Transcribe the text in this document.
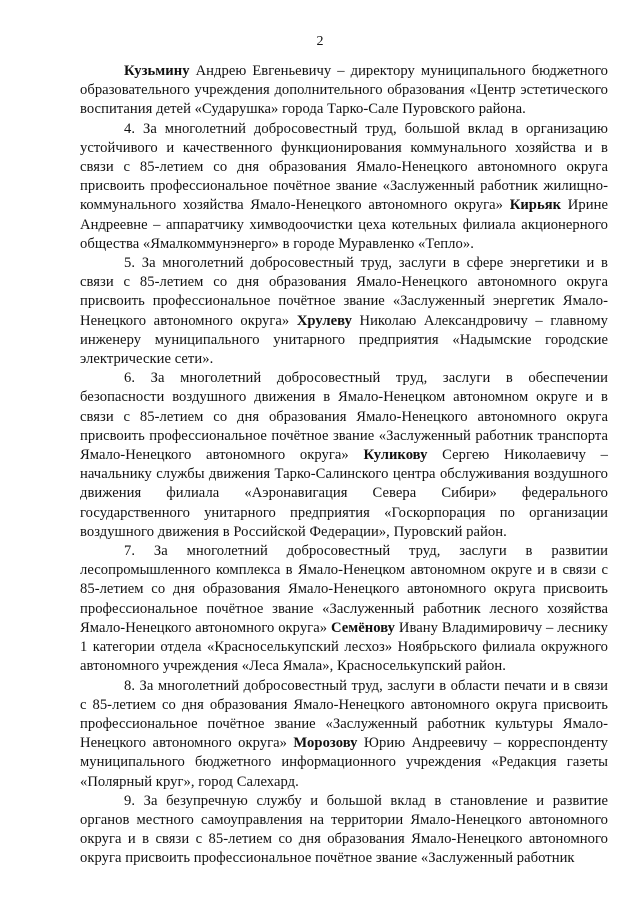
2

Кузьмину Андрею Евгеньевичу – директору муниципального бюджетного образовательного учреждения дополнительного образования «Центр эстетического воспитания детей «Сударушка» города Тарко-Сале Пуровского района.

4. За многолетний добросовестный труд, большой вклад в организацию устойчивого и качественного функционирования коммунального хозяйства и в связи с 85-летием со дня образования Ямало-Ненецкого автономного округа присвоить профессиональное почётное звание «Заслуженный работник жилищно-коммунального хозяйства Ямало-Ненецкого автономного округа» Кирьяк Ирине Андреевне – аппаратчику химводоочистки цеха котельных филиала акционерного общества «Ямалкоммунэнерго» в городе Муравленко «Тепло».

5. За многолетний добросовестный труд, заслуги в сфере энергетики и в связи с 85-летием со дня образования Ямало-Ненецкого автономного округа присвоить профессиональное почётное звание «Заслуженный энергетик Ямало-Ненецкого автономного округа» Хрулеву Николаю Александровичу – главному инженеру муниципального унитарного предприятия «Надымские городские электрические сети».

6. За многолетний добросовестный труд, заслуги в обеспечении безопасности воздушного движения в Ямало-Ненецком автономном округе и в связи с 85-летием со дня образования Ямало-Ненецкого автономного округа присвоить профессиональное почётное звание «Заслуженный работник транспорта Ямало-Ненецкого автономного округа» Куликову Сергею Николаевичу – начальнику службы движения Тарко-Салинского центра обслуживания воздушного движения филиала «Аэронавигация Севера Сибири» федерального государственного унитарного предприятия «Госкорпорация по организации воздушного движения в Российской Федерации», Пуровский район.

7. За многолетний добросовестный труд, заслуги в развитии лесопромышленного комплекса в Ямало-Ненецком автономном округе и в связи с 85-летием со дня образования Ямало-Ненецкого автономного округа присвоить профессиональное почётное звание «Заслуженный работник лесного хозяйства Ямало-Ненецкого автономного округа» Семёнову Ивану Владимировичу – леснику 1 категории отдела «Красноселькупский лесхоз» Ноябрьского филиала окружного автономного учреждения «Леса Ямала», Красноселькупский район.

8. За многолетний добросовестный труд, заслуги в области печати и в связи с 85-летием со дня образования Ямало-Ненецкого автономного округа присвоить профессиональное почётное звание «Заслуженный работник культуры Ямало-Ненецкого автономного округа» Морозову Юрию Андреевичу – корреспонденту муниципального бюджетного информационного учреждения «Редакция газеты «Полярный круг», город Салехард.

9. За безупречную службу и большой вклад в становление и развитие органов местного самоуправления на территории Ямало-Ненецкого автономного округа и в связи с 85-летием со дня образования Ямало-Ненецкого автономного округа присвоить профессиональное почётное звание «Заслуженный работник
